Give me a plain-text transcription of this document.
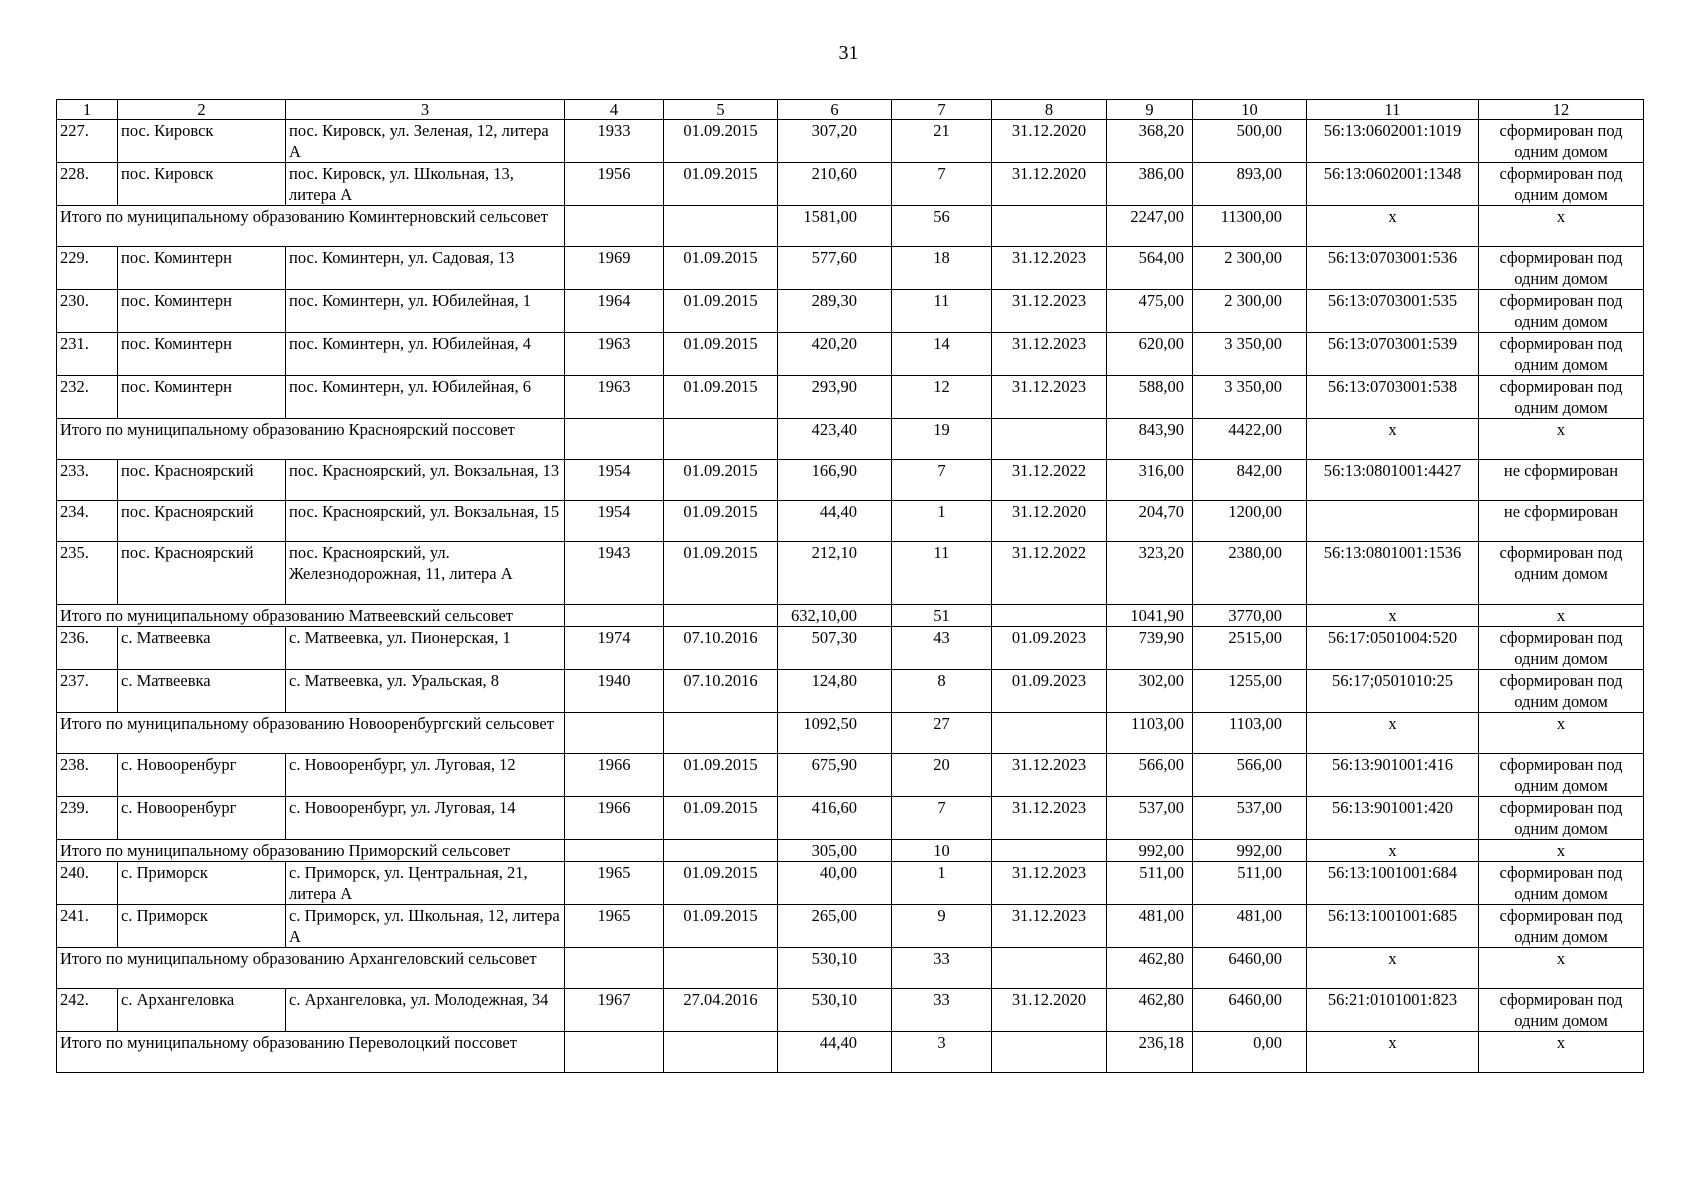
31
1	2	3	4	5	6	7	8	9	10	11	12
227.	пос. Кировск	пос. Кировск, ул. Зеленая, 12, литера А	1933	01.09.2015	307,20	21	31.12.2020	368,20	500,00	56:13:0602001:1019	сформирован под одним домом
228.	пос. Кировск	пос. Кировск, ул. Школьная, 13, литера А	1956	01.09.2015	210,60	7	31.12.2020	386,00	893,00	56:13:0602001:1348	сформирован под одним домом
Итого по муниципальному образованию Коминтерновский сельсовет					1581,00	56		2247,00	11300,00	х	х
229.	пос. Коминтерн	пос. Коминтерн, ул. Садовая, 13	1969	01.09.2015	577,60	18	31.12.2023	564,00	2 300,00	56:13:0703001:536	сформирован под одним домом
230.	пос. Коминтерн	пос. Коминтерн, ул. Юбилейная, 1	1964	01.09.2015	289,30	11	31.12.2023	475,00	2 300,00	56:13:0703001:535	сформирован под одним домом
231.	пос. Коминтерн	пос. Коминтерн, ул. Юбилейная, 4	1963	01.09.2015	420,20	14	31.12.2023	620,00	3 350,00	56:13:0703001:539	сформирован под одним домом
232.	пос. Коминтерн	пос. Коминтерн, ул. Юбилейная, 6	1963	01.09.2015	293,90	12	31.12.2023	588,00	3 350,00	56:13:0703001:538	сформирован под одним домом
Итого по муниципальному образованию Красноярский поссовет					423,40	19		843,90	4422,00	х	х
233.	пос. Красноярский	пос. Красноярский, ул. Вокзальная, 13	1954	01.09.2015	166,90	7	31.12.2022	316,00	842,00	56:13:0801001:4427	не сформирован
234.	пос. Красноярский	пос. Красноярский, ул. Вокзальная, 15	1954	01.09.2015	44,40	1	31.12.2020	204,70	1200,00		не сформирован
235.	пос. Красноярский	пос. Красноярский, ул. Железнодорожная, 11, литера А	1943	01.09.2015	212,10	11	31.12.2022	323,20	2380,00	56:13:0801001:1536	сформирован под одним домом
Итого по муниципальному образованию Матвеевский сельсовет					632,10,00	51		1041,90	3770,00	х	х
236.	с. Матвеевка	с. Матвеевка, ул. Пионерская, 1	1974	07.10.2016	507,30	43	01.09.2023	739,90	2515,00	56:17:0501004:520	сформирован под одним домом
237.	с. Матвеевка	с. Матвеевка, ул. Уральская, 8	1940	07.10.2016	124,80	8	01.09.2023	302,00	1255,00	56:17;0501010:25	сформирован под одним домом
Итого по муниципальному образованию Новооренбургский сельсовет					1092,50	27		1103,00	1103,00	х	х
238.	с. Новооренбург	с. Новооренбург, ул. Луговая, 12	1966	01.09.2015	675,90	20	31.12.2023	566,00	566,00	56:13:901001:416	сформирован под одним домом
239.	с. Новооренбург	с. Новооренбург, ул. Луговая, 14	1966	01.09.2015	416,60	7	31.12.2023	537,00	537,00	56:13:901001:420	сформирован под одним домом
Итого по муниципальному образованию Приморский сельсовет					305,00	10		992,00	992,00	х	х
240.	с. Приморск	с. Приморск, ул. Центральная, 21, литера А	1965	01.09.2015	40,00	1	31.12.2023	511,00	511,00	56:13:1001001:684	сформирован под одним домом
241.	с. Приморск	с. Приморск, ул. Школьная, 12, литера А	1965	01.09.2015	265,00	9	31.12.2023	481,00	481,00	56:13:1001001:685	сформирован под одним домом
Итого по муниципальному образованию Архангеловский сельсовет					530,10	33		462,80	6460,00	х	х
242.	с. Архангеловка	с. Архангеловка, ул. Молодежная, 34	1967	27.04.2016	530,10	33	31.12.2020	462,80	6460,00	56:21:0101001:823	сформирован под одним домом
Итого по муниципальному образованию Переволоцкий поссовет					44,40	3		236,18	0,00	х	х
